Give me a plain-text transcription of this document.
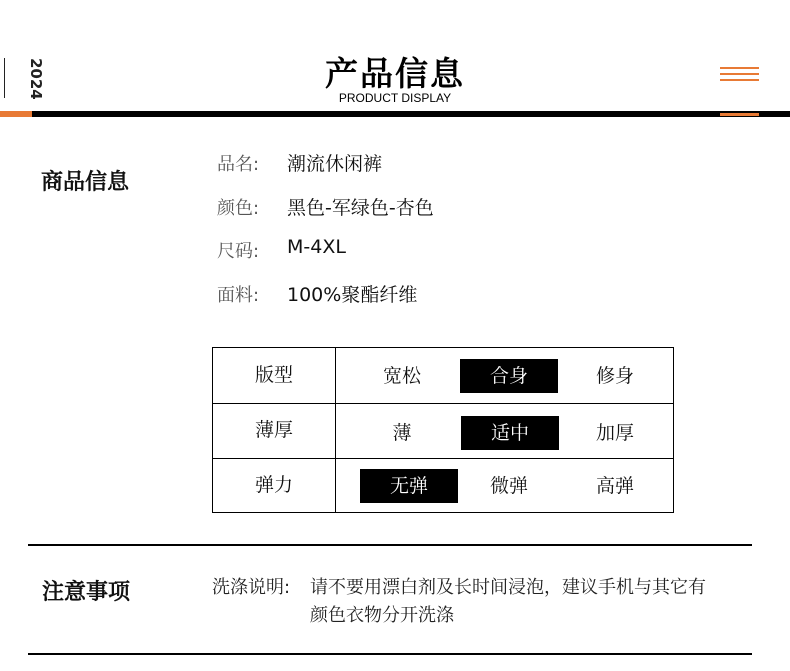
2024	产品信息
PRODUCT DISPLAY
商品信息
品名: 潮流休闲裤
颜色: 黑色-军绿色-杏色
尺码: M-4XL
面料: 100%聚酯纤维
版型	宽松	合身	修身
薄厚	薄	适中	加厚
弹力	无弹	微弹	高弹
注意事项	洗涤说明: 请不要用漂白剂及长时间浸泡，建议手机与其它有
颜色衣物分开洗涤
